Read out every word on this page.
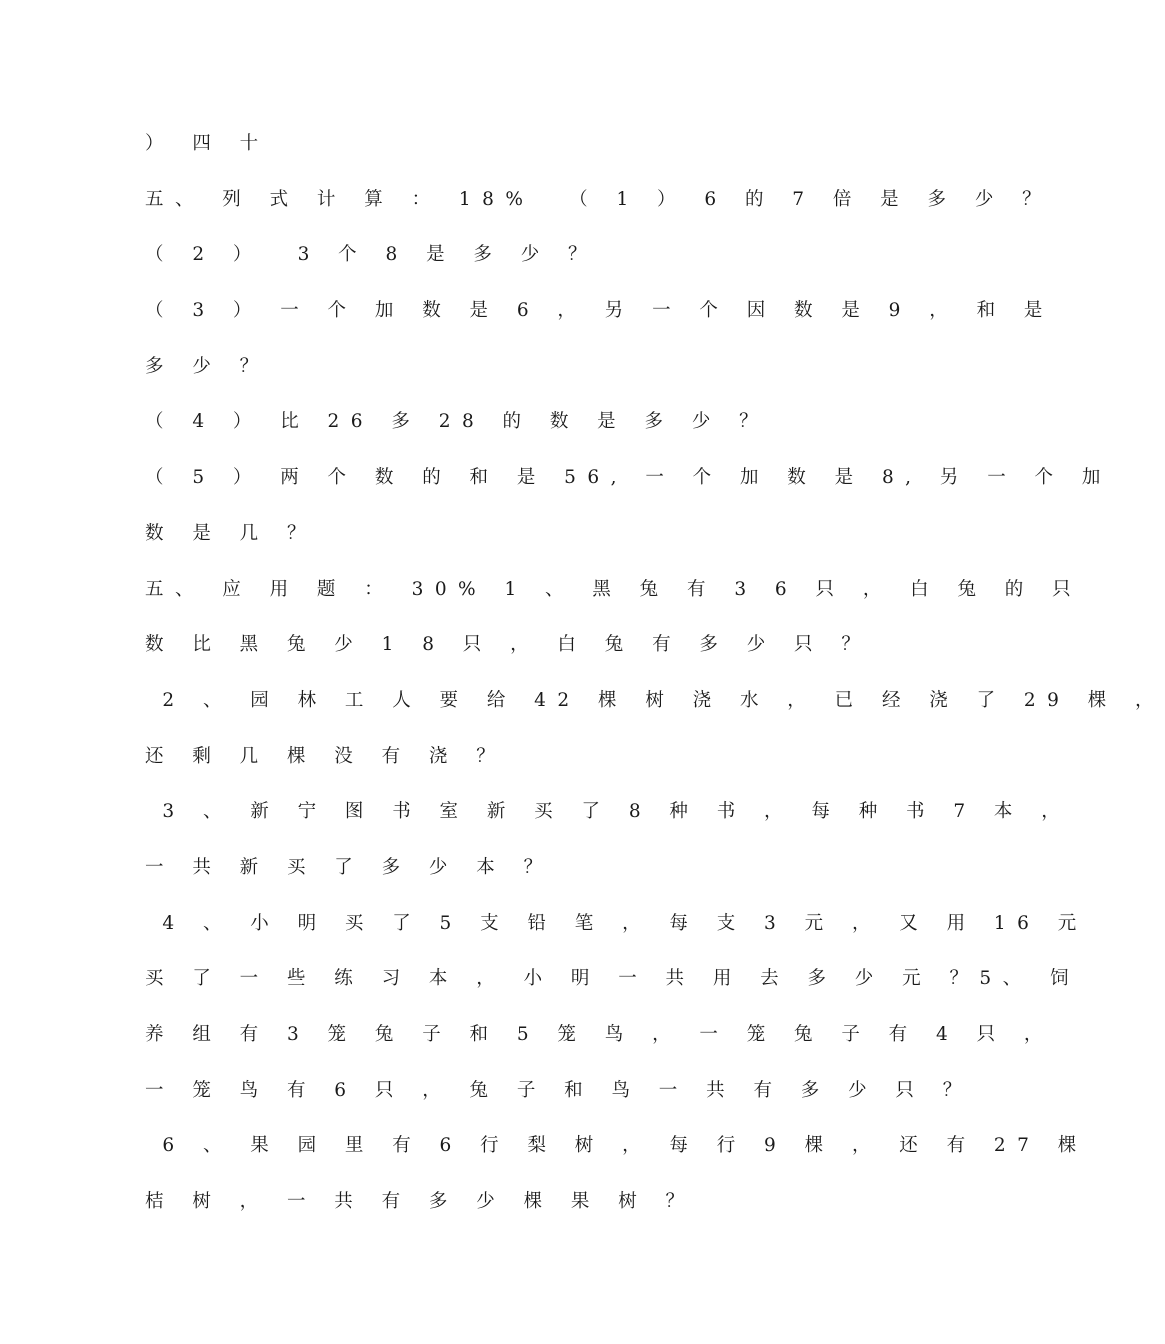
） 四 十
五、 列 式 计 算 ： 18%  （ 1 ） 6 的 7 倍 是 多 少 ？
（ 2 ）  3 个 8 是 多 少 ？
（ 3 ） 一 个 加 数 是 6 ， 另 一 个 因 数 是 9 ， 和 是
多 少 ？
（ 4 ） 比 26 多 28 的 数 是 多 少 ？
（ 5 ） 两 个 数 的 和 是 56, 一 个 加 数 是 8, 另 一 个 加
数 是 几 ？
五、 应 用 题 ： 30% 1 、 黑 兔 有 3 6 只 ， 白 兔 的 只
数 比 黑 兔 少 1 8 只 ， 白 兔 有 多 少 只 ？
2 、 园 林 工 人 要 给 42 棵 树 浇 水 ， 已 经 浇 了 29 棵 ，
还 剩 几 棵 没 有 浇 ？
3 、 新 宁 图 书 室 新 买 了 8 种 书 ， 每 种 书 7 本 ，
一 共 新 买 了 多 少 本 ？
4 、 小 明 买 了 5 支 铅 笔 ， 每 支 3 元 ， 又 用 16 元
买 了 一 些 练 习 本 ， 小 明 一 共 用 去 多 少 元 ？5、 饲
养 组 有 3 笼 兔 子 和 5 笼 鸟 ， 一 笼 兔 子 有 4 只 ，
一 笼 鸟 有 6 只 ， 兔 子 和 鸟 一 共 有 多 少 只 ？
6 、 果 园 里 有 6 行 梨 树 ， 每 行 9 棵 ， 还 有 27 棵
桔 树 ， 一 共 有 多 少 棵 果 树 ？
